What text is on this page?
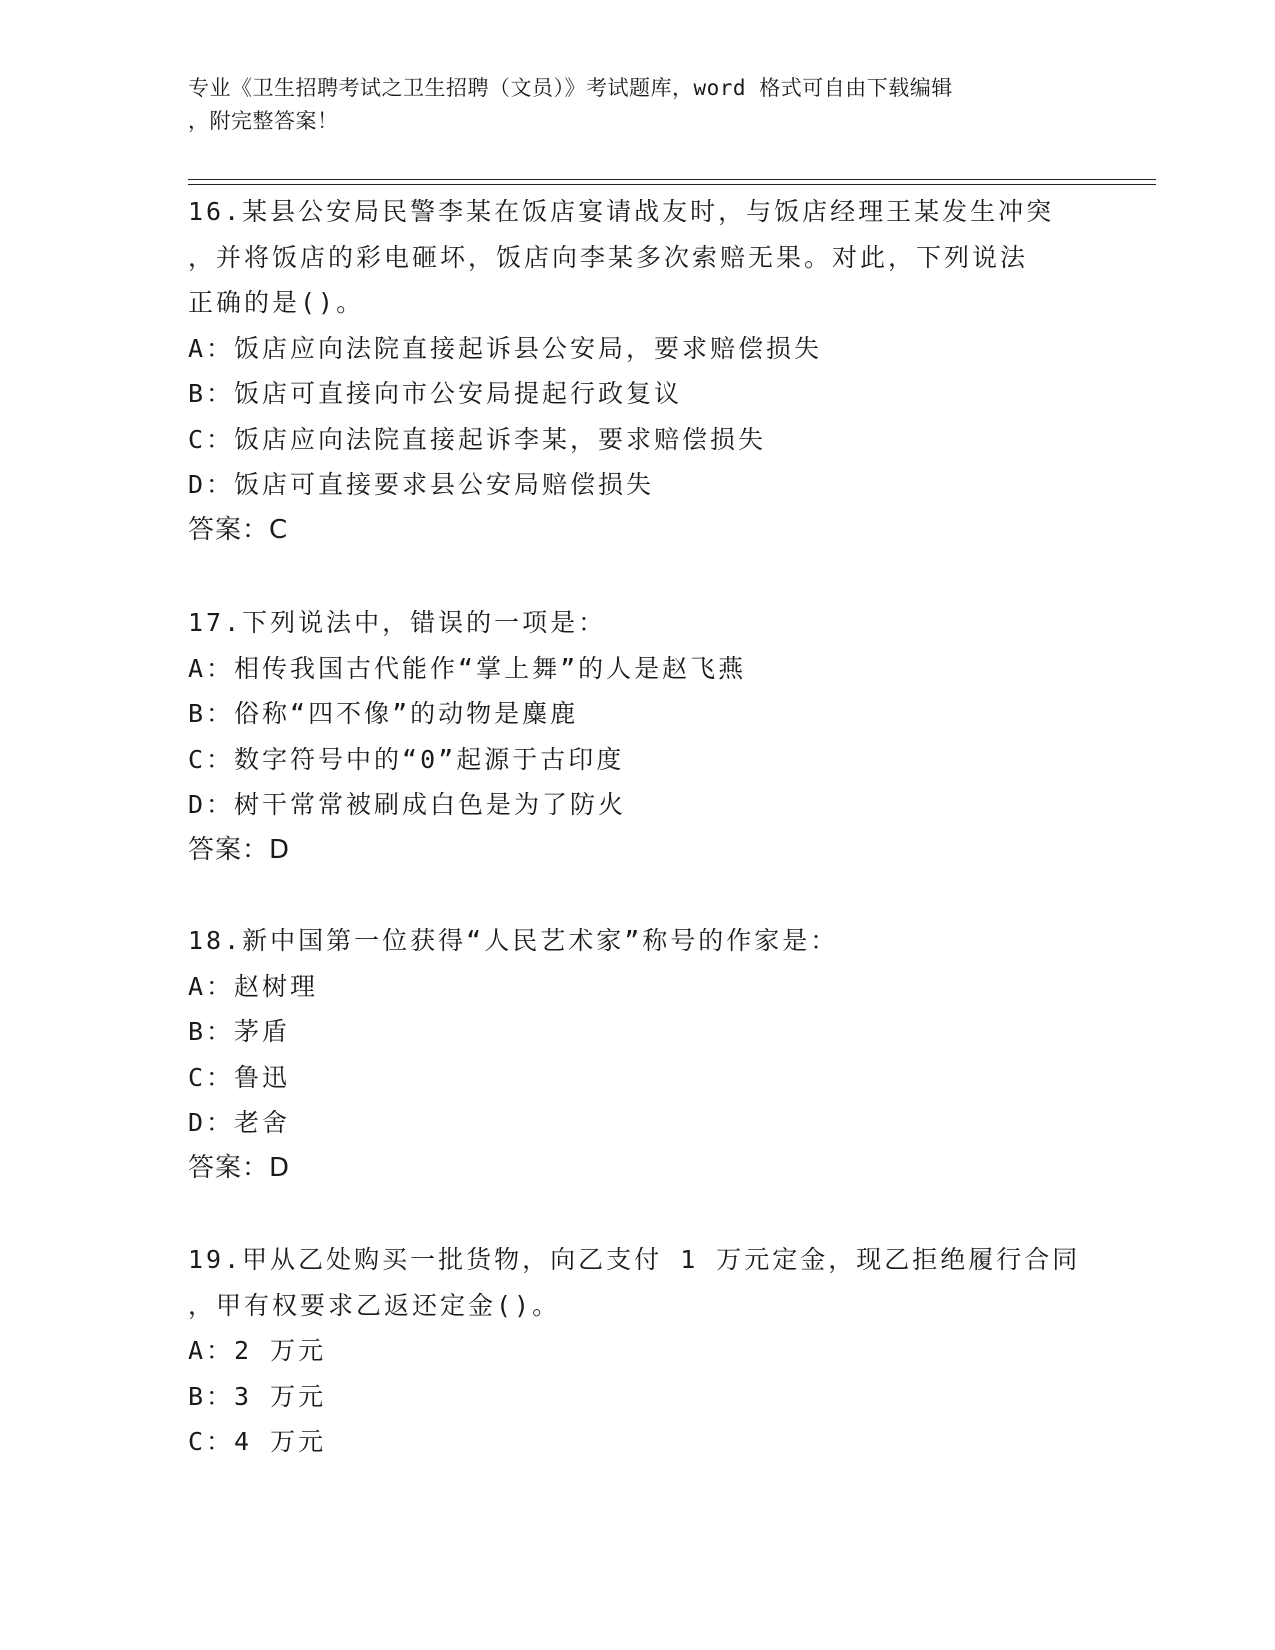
专业《卫生招聘考试之卫生招聘（文员）》考试题库，word 格式可自由下载编辑
，附完整答案！

16.某县公安局民警李某在饭店宴请战友时，与饭店经理王某发生冲突

，并将饭店的彩电砸坏，饭店向李某多次索赔无果。对此，下列说法

正确的是()。

A：饭店应向法院直接起诉县公安局，要求赔偿损失

B：饭店可直接向市公安局提起行政复议

C：饭店应向法院直接起诉李某，要求赔偿损失

D：饭店可直接要求县公安局赔偿损失

答案：C

17.下列说法中，错误的一项是：

A：相传我国古代能作“掌上舞”的人是赵飞燕

B：俗称“四不像”的动物是麋鹿

C：数字符号中的“0”起源于古印度

D：树干常常被刷成白色是为了防火

答案：D

18.新中国第一位获得“人民艺术家”称号的作家是：

A：赵树理

B：茅盾

C：鲁迅

D：老舍

答案：D

19.甲从乙处购买一批货物，向乙支付 1 万元定金，现乙拒绝履行合同

，甲有权要求乙返还定金()。

A：2 万元

B：3 万元

C：4 万元
